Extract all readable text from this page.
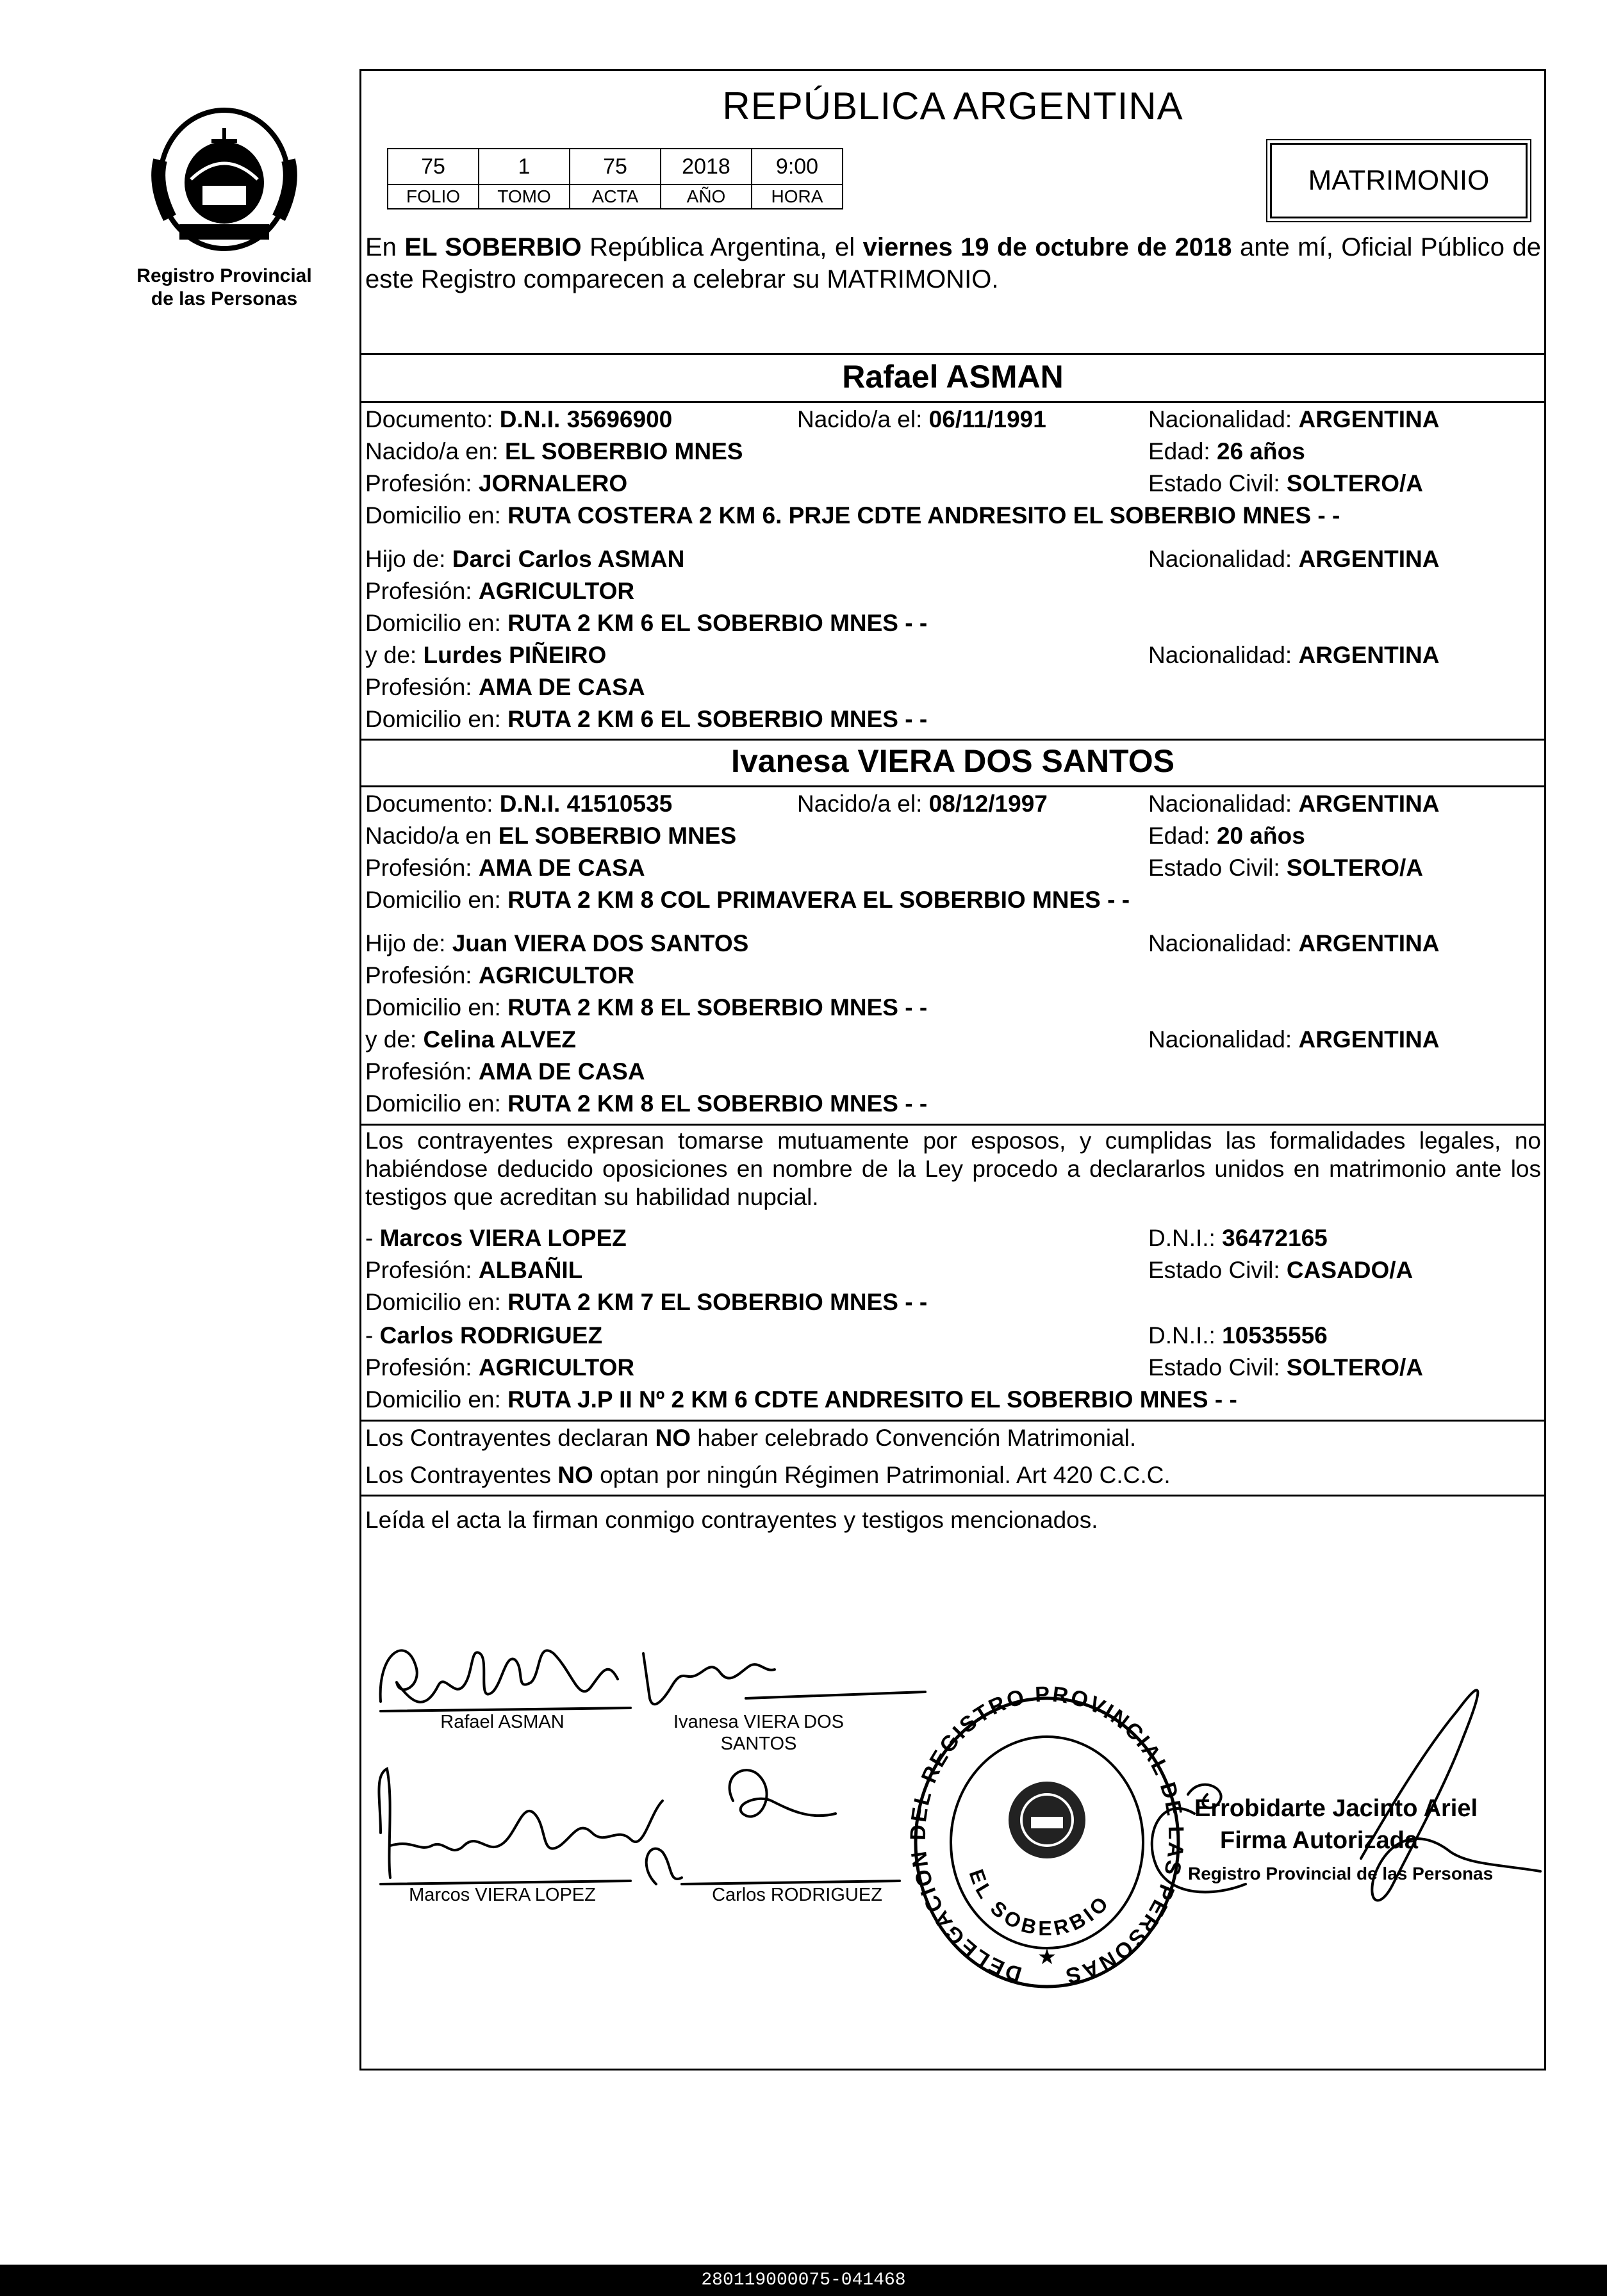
Registro Provincial
de las Personas
REPÚBLICA ARGENTINA
75	1	75	2018	9:00
FOLIO	TOMO	ACTA	AÑO	HORA
MATRIMONIO
En EL SOBERBIO República Argentina, el viernes 19 de octubre de 2018 ante mí, Oficial Público de este Registro comparecen a celebrar su MATRIMONIO.
Rafael ASMAN
Documento: D.N.I. 35696900	Nacido/a el: 06/11/1991	Nacionalidad: ARGENTINA
Nacido/a en: EL SOBERBIO MNES	Edad: 26 años
Profesión: JORNALERO	Estado Civil: SOLTERO/A
Domicilio en: RUTA COSTERA 2 KM 6. PRJE CDTE ANDRESITO EL SOBERBIO MNES - -
Hijo de: Darci Carlos ASMAN	Nacionalidad: ARGENTINA
Profesión: AGRICULTOR
Domicilio en: RUTA 2 KM 6 EL SOBERBIO MNES - -
y de: Lurdes PIÑEIRO	Nacionalidad: ARGENTINA
Profesión: AMA DE CASA
Domicilio en: RUTA 2 KM 6 EL SOBERBIO MNES - -
Ivanesa VIERA DOS SANTOS
Documento: D.N.I. 41510535	Nacido/a el: 08/12/1997	Nacionalidad: ARGENTINA
Nacido/a en EL SOBERBIO MNES	Edad: 20 años
Profesión: AMA DE CASA	Estado Civil: SOLTERO/A
Domicilio en: RUTA 2 KM 8 COL PRIMAVERA EL SOBERBIO MNES - -
Hijo de: Juan VIERA DOS SANTOS	Nacionalidad: ARGENTINA
Profesión: AGRICULTOR
Domicilio en: RUTA 2 KM 8 EL SOBERBIO MNES - -
y de: Celina ALVEZ	Nacionalidad: ARGENTINA
Profesión: AMA DE CASA
Domicilio en: RUTA 2 KM 8 EL SOBERBIO MNES - -
Los contrayentes expresan tomarse mutuamente por esposos, y cumplidas las formalidades legales, no habiéndose deducido oposiciones en nombre de la Ley procedo a declararlos unidos en matrimonio ante los testigos que acreditan su habilidad nupcial.
- Marcos VIERA LOPEZ	D.N.I.: 36472165
Profesión: ALBAÑIL	Estado Civil: CASADO/A
Domicilio en: RUTA 2 KM 7 EL SOBERBIO MNES - -
- Carlos RODRIGUEZ	D.N.I.: 10535556
Profesión: AGRICULTOR	Estado Civil: SOLTERO/A
Domicilio en: RUTA J.P II Nº 2 KM 6 CDTE ANDRESITO EL SOBERBIO MNES - -
Los Contrayentes declaran NO haber celebrado Convención Matrimonial.
Los Contrayentes NO optan por ningún Régimen Patrimonial. Art 420 C.C.C.
Leída el acta la firman conmigo contrayentes y testigos mencionados.
Rafael ASMAN	Ivanesa VIERA DOS
SANTOS
Marcos VIERA LOPEZ	Carlos RODRIGUEZ
DELEGACIO EL REGISTRO PROVINCIAL DE S PERSONAS
EL SOBERBIO
★
Errobidarte Jacinto Ariel
Firma Autorizada
Registro Provincial de las Personas
280119000075-041468
